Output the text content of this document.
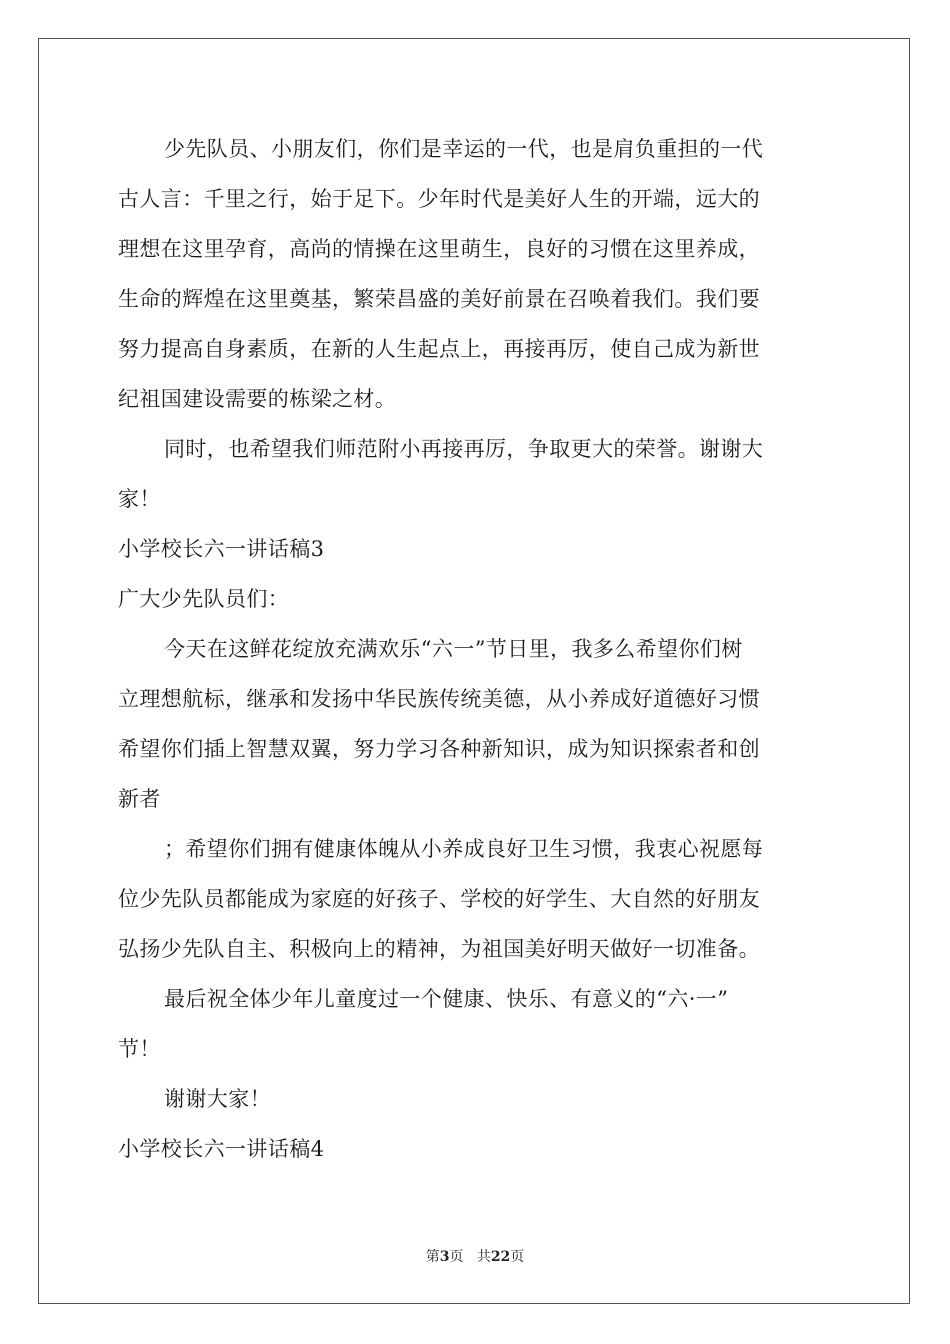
少先队员、小朋友们，你们是幸运的一代，也是肩负重担的一代
古人言：千里之行，始于足下。少年时代是美好人生的开端，远大的
理想在这里孕育，高尚的情操在这里萌生，良好的习惯在这里养成，
生命的辉煌在这里奠基，繁荣昌盛的美好前景在召唤着我们。我们要
努力提高自身素质，在新的人生起点上，再接再厉，使自己成为新世
纪祖国建设需要的栋梁之材。
同时，也希望我们师范附小再接再厉，争取更大的荣誉。谢谢大
家！
小学校长六一讲话稿3
广大少先队员们：
今天在这鲜花绽放充满欢乐“六一”节日里，我多么希望你们树
立理想航标，继承和发扬中华民族传统美德，从小养成好道德好习惯
希望你们插上智慧双翼，努力学习各种新知识，成为知识探索者和创
新者
；希望你们拥有健康体魄从小养成良好卫生习惯，我衷心祝愿每
位少先队员都能成为家庭的好孩子、学校的好学生、大自然的好朋友
弘扬少先队自主、积极向上的精神，为祖国美好明天做好一切准备。
最后祝全体少年儿童度过一个健康、快乐、有意义的“六·一”
节！
谢谢大家！
小学校长六一讲话稿4
第3页 共22页
